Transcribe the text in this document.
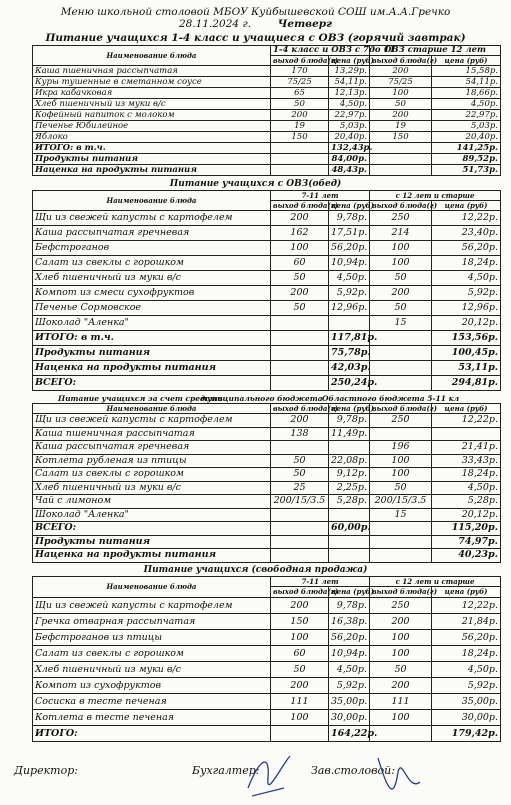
Меню школьной столовой МБОУ Куйбышевской СОШ им.А.А.Гречко
28.11.2024 г.	Четверг
Питание учащихся 1-4 класс и учащиеся с ОВЗ (горячий завтрак)
Наименование блюда	1-4 класс и ОВЗ с 7до 11		ОВЗ старше 12 лет	
	выход блюда(г)	цена (руб)	выход блюда(г)	цена (руб)
Каша пшеничная рассыпчатая	170	13,29р.	200	15,58р.
Куры тушенные в сметанном соусе	75/25	54,11р.	75/25	54,11р.
Икра кабачковая	65	12,13р.	100	18,66р.
Хлеб пшеничный из муки в/с	50	4,50р.	50	4,50р.
Кофейный напиток с молоком	200	22,97р.	200	22,97р.
Печенье Юбилейное	19	5,03р.	19	5,03р.
Яблоко	150	20,40р.	150	20,40р.
ИТОГО: в т.ч.		132,43р.		141,25р.
Продукты питания		84,00р.		89,52р.
Наценка на продукты питания		48,43р.		51,73р.
Питание учащихся с ОВЗ(обед)
Наименование блюда	7-11 лет		с 12 лет и старше	
	выход блюда(г)	цена (руб)	выход блюда(г)	цена (руб)
Щи из свежей капусты с картофелем	200	9,78р.	250	12,22р.
Каша рассыпчатая гречневая	162	17,51р.	214	23,40р.
Бефстроганов	100	56,20р.	100	56,20р.
Салат из свеклы с горошком	60	10,94р.	100	18,24р.
Хлеб пшеничный из муки в/с	50	4,50р.	50	4,50р.
Компот из смеси сухофруктов	200	5,92р.	200	5,92р.
Печенье Сормовское	50	12,96р.	50	12,96р.
Шоколад "Аленка"			15	20,12р.
ИТОГО: в т.ч.		117,81р.		153,56р.
Продукты питания		75,78р.		100,45р.
Наценка на продукты питания		42,03р.		53,11р.
ВСЕГО:		250,24р.		294,81р.
Питание учащихся за счет средств
муниципального бюджета Областного бюджета 5-11 кл
Наименование блюда	выход блюда(г)	цена (руб)	выход блюда(г)	цена (руб)
Щи из свежей капусты с картофелем	200	9,78р.	250	12,22р.
Каша пшеничная рассыпчатая	138	11,49р.		
Каша рассыпчатая гречневая			196	21,41р.
Котлета рубленая из птицы	50	22,08р.	100	33,43р.
Салат из свеклы с горошком	50	9,12р.	100	18,24р.
Хлеб пшеничный из муки в/с	25	2,25р.	50	4,50р.
Чай с лимоном	200/15/3.5	5,28р.	200/15/3.5	5,28р.
Шоколад "Аленка"			15	20,12р.
ВСЕГО:		60,00р.		115,20р.
Продукты питания				74,97р.
Наценка на продукты питания				40,23р.
Питание учащихся (свободная продажа)
Наименование блюда	7-11 лет		с 12 лет и старше	
	выход блюда(г)	цена (руб)	выход блюда(г)	цена (руб)
Щи из свежей капусты с картофелем	200	9,78р.	250	12,22р.
Гречка отварная рассыпчатая	150	16,38р.	200	21,84р.
Бефстроганов из птицы	100	56,20р.	100	56,20р.
Салат из свеклы с горошком	60	10,94р.	100	18,24р.
Хлеб пшеничный из муки в/с	50	4,50р.	50	4,50р.
Компот из сухофруктов	200	5,92р.	200	5,92р.
Сосиска в тесте печеная	111	35,00р.	111	35,00р.
Котлета в тесте печеная	100	30,00р.	100	30,00р.
ИТОГО:		164,22р.		179,42р.
Директор:	Бухгалтер:	Зав.столовой:
